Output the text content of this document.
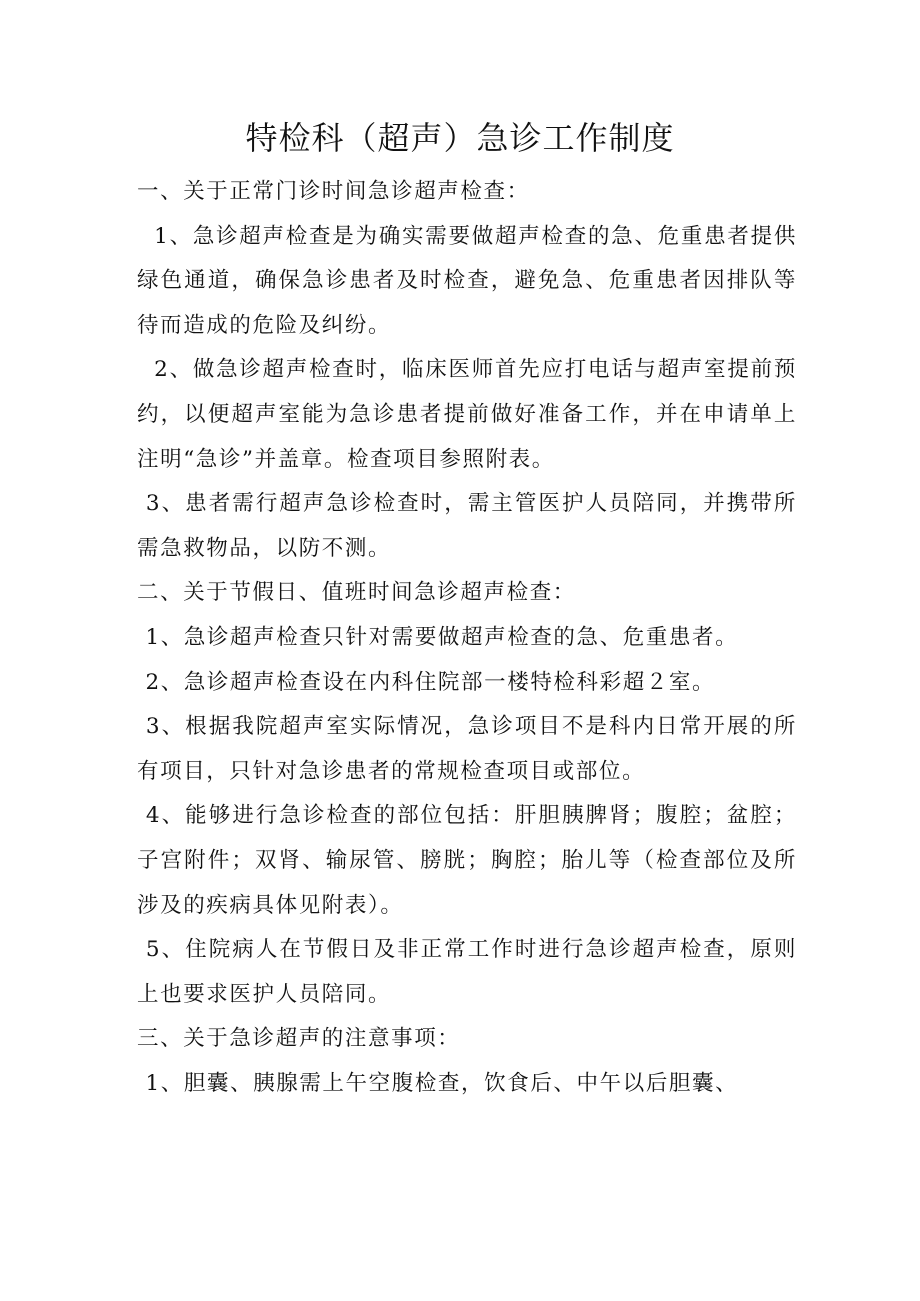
特检科（超声）急诊工作制度

一、关于正常门诊时间急诊超声检查：

1、急诊超声检查是为确实需要做超声检查的急、危重患者提供绿色通道，确保急诊患者及时检查，避免急、危重患者因排队等待而造成的危险及纠纷。

2、做急诊超声检查时，临床医师首先应打电话与超声室提前预约，以便超声室能为急诊患者提前做好准备工作，并在申请单上注明“急诊”并盖章。检查项目参照附表。

3、患者需行超声急诊检查时，需主管医护人员陪同，并携带所需急救物品，以防不测。

二、关于节假日、值班时间急诊超声检查：

1、急诊超声检查只针对需要做超声检查的急、危重患者。

2、急诊超声检查设在内科住院部一楼特检科彩超２室。

3、根据我院超声室实际情况，急诊项目不是科内日常开展的所有项目，只针对急诊患者的常规检查项目或部位。

4、能够进行急诊检查的部位包括：肝胆胰脾肾；腹腔；盆腔；子宫附件；双肾、输尿管、膀胱；胸腔；胎儿等（检查部位及所涉及的疾病具体见附表）。

5、住院病人在节假日及非正常工作时进行急诊超声检查，原则上也要求医护人员陪同。

三、关于急诊超声的注意事项：

1、胆囊、胰腺需上午空腹检查，饮食后、中午以后胆囊、
